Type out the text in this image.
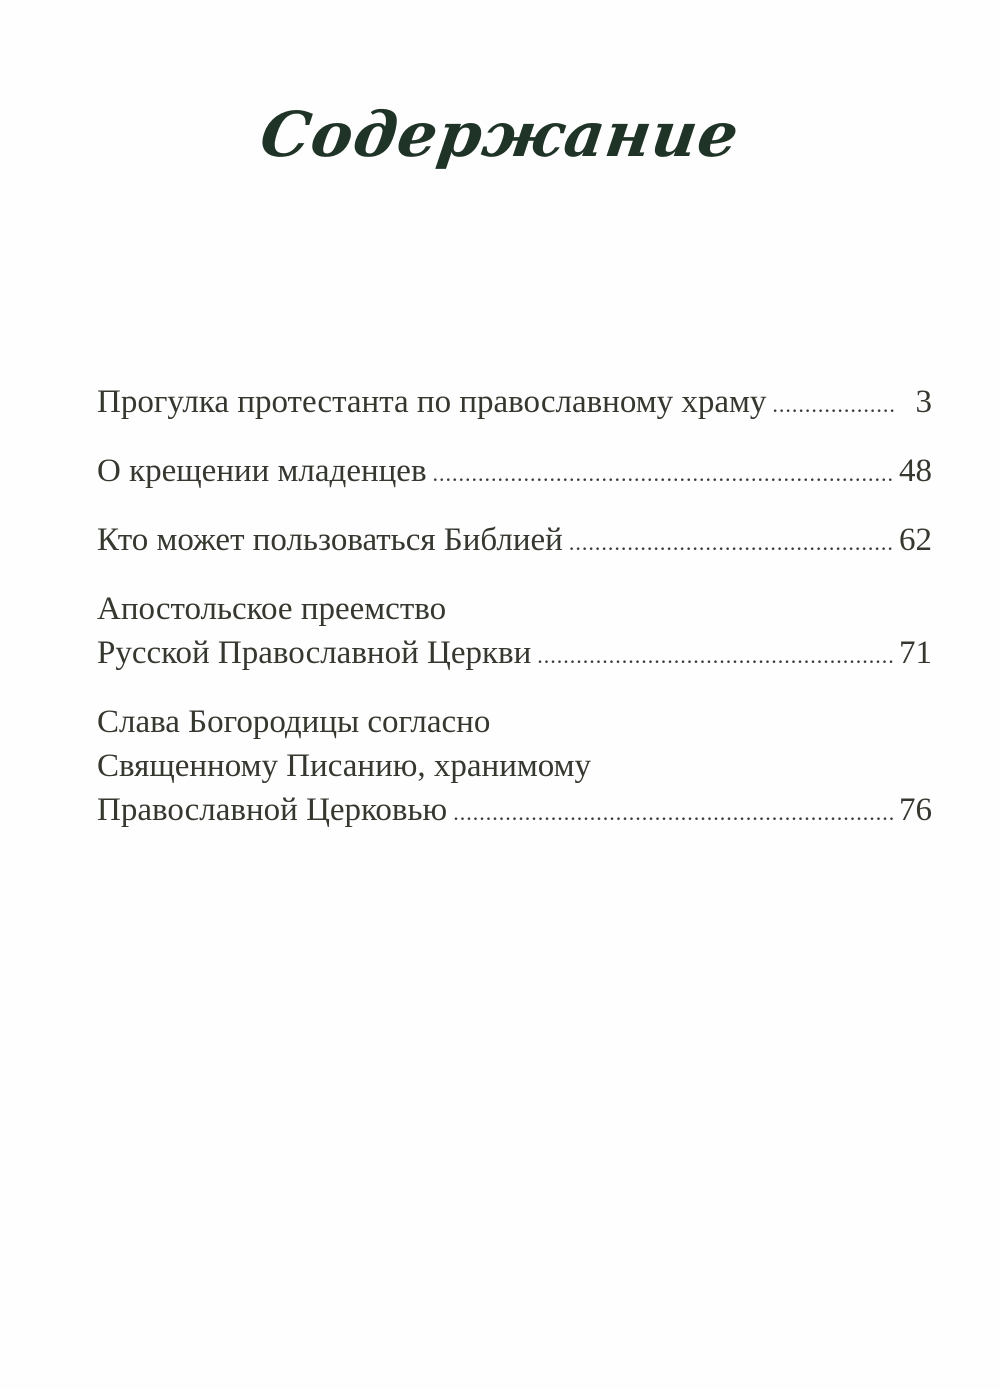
Содержание
Прогулка протестанта по православному храму .....	3
О крещении младенцев .....	48
Кто может пользоваться Библией .....	62
Апостольское преемство
Русской Православной Церкви .....	71
Слава Богородицы согласно
Священному Писанию, хранимому
Православной Церковью .....	76
